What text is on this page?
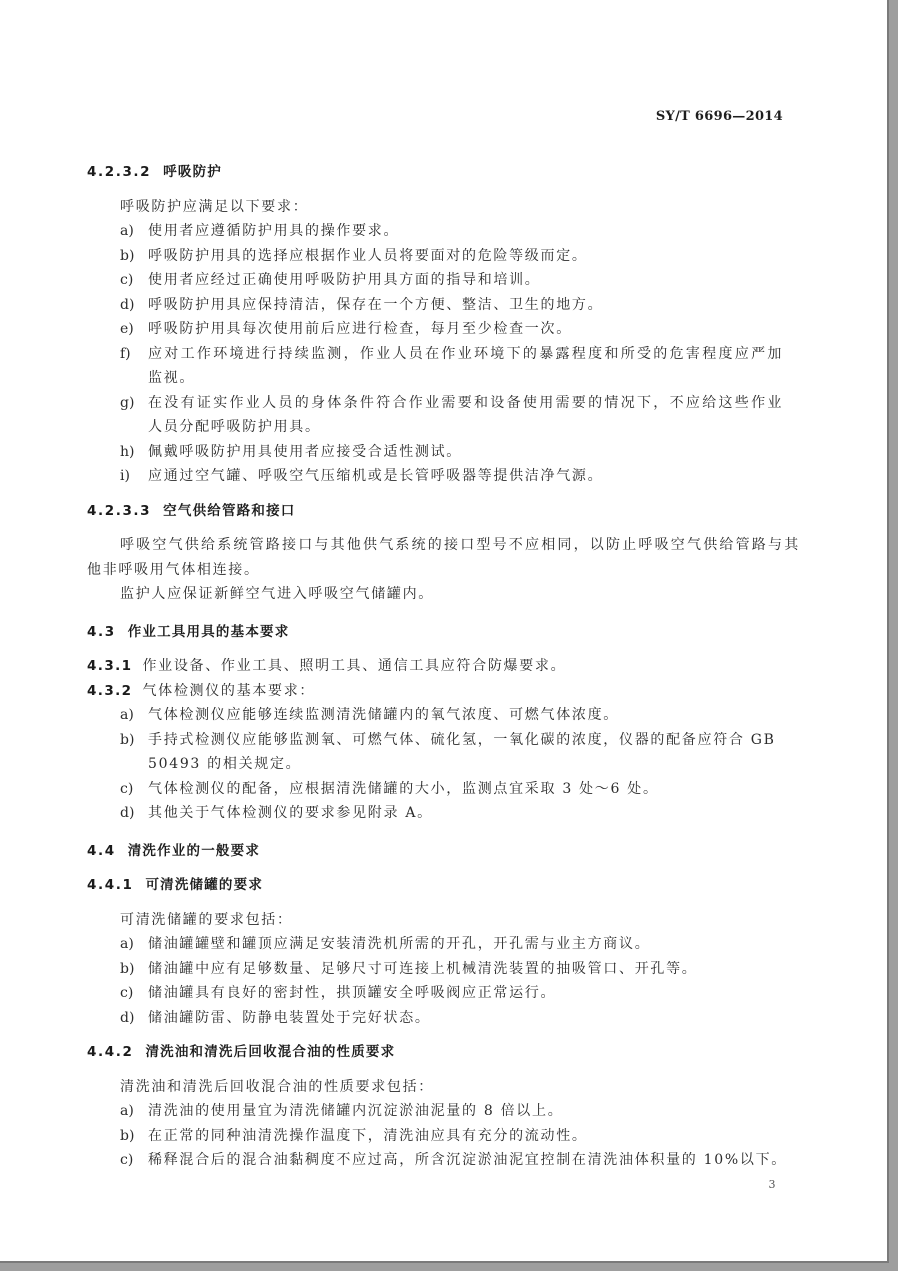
SY/T 6696—2014
4.2.3.2 呼吸防护
呼吸防护应满足以下要求：
a) 使用者应遵循防护用具的操作要求。
b) 呼吸防护用具的选择应根据作业人员将要面对的危险等级而定。
c) 使用者应经过正确使用呼吸防护用具方面的指导和培训。
d) 呼吸防护用具应保持清洁，保存在一个方便、整洁、卫生的地方。
e) 呼吸防护用具每次使用前后应进行检查，每月至少检查一次。
f) 应对工作环境进行持续监测，作业人员在作业环境下的暴露程度和所受的危害程度应严加
监视。
g) 在没有证实作业人员的身体条件符合作业需要和设备使用需要的情况下，不应给这些作业
人员分配呼吸防护用具。
h) 佩戴呼吸防护用具使用者应接受合适性测试。
i) 应通过空气罐、呼吸空气压缩机或是长管呼吸器等提供洁净气源。
4.2.3.3 空气供给管路和接口
呼吸空气供给系统管路接口与其他供气系统的接口型号不应相同，以防止呼吸空气供给管路与其
他非呼吸用气体相连接。
监护人应保证新鲜空气进入呼吸空气储罐内。
4.3 作业工具用具的基本要求
4.3.1 作业设备、作业工具、照明工具、通信工具应符合防爆要求。
4.3.2 气体检测仪的基本要求：
a) 气体检测仪应能够连续监测清洗储罐内的氧气浓度、可燃气体浓度。
b) 手持式检测仪应能够监测氧、可燃气体、硫化氢，一氧化碳的浓度，仪器的配备应符合 GB
50493 的相关规定。
c) 气体检测仪的配备，应根据清洗储罐的大小，监测点宜采取 3 处～6 处。
d) 其他关于气体检测仪的要求参见附录 A。
4.4 清洗作业的一般要求
4.4.1 可清洗储罐的要求
可清洗储罐的要求包括：
a) 储油罐罐壁和罐顶应满足安装清洗机所需的开孔，开孔需与业主方商议。
b) 储油罐中应有足够数量、足够尺寸可连接上机械清洗装置的抽吸管口、开孔等。
c) 储油罐具有良好的密封性，拱顶罐安全呼吸阀应正常运行。
d) 储油罐防雷、防静电装置处于完好状态。
4.4.2 清洗油和清洗后回收混合油的性质要求
清洗油和清洗后回收混合油的性质要求包括：
a) 清洗油的使用量宜为清洗储罐内沉淀淤油泥量的 8 倍以上。
b) 在正常的同种油清洗操作温度下，清洗油应具有充分的流动性。
c) 稀释混合后的混合油黏稠度不应过高，所含沉淀淤油泥宜控制在清洗油体积量的 10%以下。
3
